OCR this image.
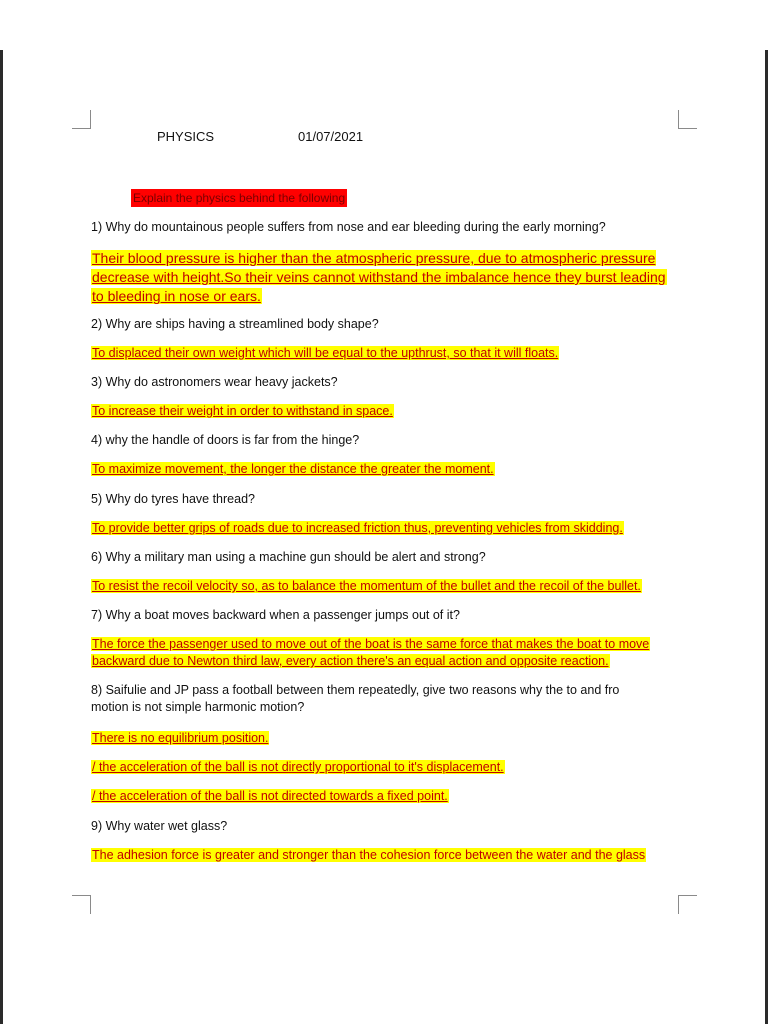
PHYSICS	01/07/2021
Explain the physics behind the following
1) Why do mountainous people suffers from nose and ear bleeding during the early morning?
Their blood pressure is higher than the atmospheric pressure, due to atmospheric pressure decrease with height.So their veins cannot withstand the imbalance hence they burst leading to bleeding in nose or ears.
2) Why are ships having a streamlined body shape?
To displaced their own weight which will be equal to the upthrust, so that it will floats.
3) Why do astronomers wear heavy jackets?
To increase their weight in order to withstand in space.
4) why the handle of doors is far from the hinge?
To maximize movement, the longer the distance the greater the moment.
5) Why do tyres have thread?
To provide better grips of roads due to increased friction thus, preventing vehicles from skidding.
6) Why a military man using a machine gun should be alert and strong?
To resist the recoil velocity so, as to balance the momentum of the bullet and the recoil of the bullet.
7) Why a boat moves backward when a passenger jumps out of it?
The force the passenger used to move out of the boat is the same force that makes the boat to move backward due to Newton third law, every action there's an equal action and opposite reaction.
8) Saifulie and JP pass a football between them repeatedly, give two reasons why the to and fro motion is not simple harmonic motion?
There is no equilibrium position.
/ the acceleration of the ball is not directly proportional to it's displacement.
/ the acceleration of the ball is not directed towards a fixed point.
9) Why water wet glass?
The adhesion force is greater and stronger than the cohesion force between the water and the glass
